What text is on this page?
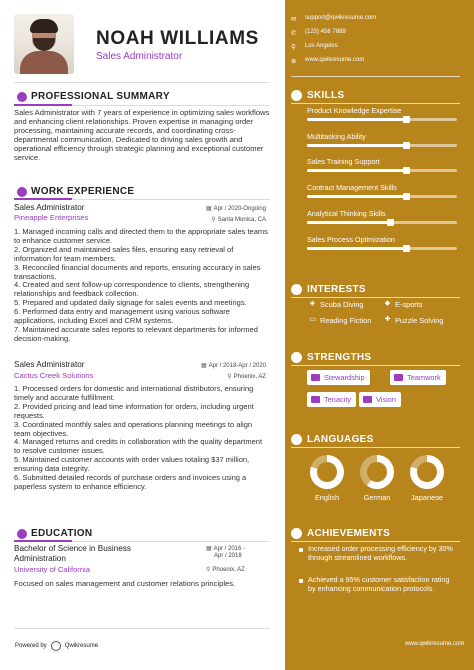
NOAH WILLIAMS
Sales Administrator
PROFESSIONAL SUMMARY
Sales Administrator with 7 years of experience in optimizing sales workflows and enhancing client relationships. Proven expertise in managing order processing, maintaining accurate records, and coordinating cross-departmental communication. Dedicated to driving sales growth and operational efficiency through strategic planning and exceptional customer service.
WORK EXPERIENCE
Sales Administrator	▦ Apr / 2020-Ongoing
Pineapple Enterprises	⚲ Santa Monica, CA
1. Managed incoming calls and directed them to the appropriate sales teams to enhance customer service.
2. Organized and maintained sales files, ensuring easy retrieval of information for team members.
3. Reconciled financial documents and reports, ensuring accuracy in sales transactions.
4. Created and sent follow-up correspondence to clients, strengthening relationships and feedback collection.
5. Prepared and updated daily signage for sales events and meetings.
6. Performed data entry and management using various software applications, including Excel and CRM systems.
7. Maintained accurate sales reports to relevant departments for informed decision-making.
Sales Administrator	▦ Apr / 2018-Apr / 2020
Cactus Creek Solutions	⚲ Phoenix, AZ
1. Processed orders for domestic and international distributors, ensuring timely and accurate fulfillment.
2. Provided pricing and lead time information for orders, including urgent requests.
3. Coordinated monthly sales and operations planning meetings to align team objectives.
4. Managed returns and credits in collaboration with the quality department to resolve customer issues.
5. Maintained customer accounts with order values totaling $37 million, ensuring data integrity.
6. Submitted detailed records of purchase orders and invoices using a paperless system to enhance efficiency.
EDUCATION
Bachelor of Science in Business
Administration
▦ Apr / 2016 -
Apr / 2018
University of California	⚲ Phoenix, AZ
Focused on sales management and customer relations principles.
Powered by	Qwikresume
✉ support@qwikresume.com
✆ (123) 456 7889
⚲ Los Angeles
⊕ www.qwikresume.com
SKILLS
Product Knowledge Expertise
Multitasking Ability
Sales Training Support
Contract Management Skills
Analytical Thinking Skills
Sales Process Optimization
INTERESTS
◈ Scuba Diving	◆ E-sports
▭ Reading Fiction ✚ Puzzle Solving
STRENGTHS
Stewardship	Teamwork
Tenacity	Vision
LANGUAGES
English	German	Japanese
ACHIEVEMENTS
Increased order processing efficiency by 30% through streamlined workflows.
Achieved a 95% customer satisfaction rating by enhancing communication protocols.
www.qwikresume.com
